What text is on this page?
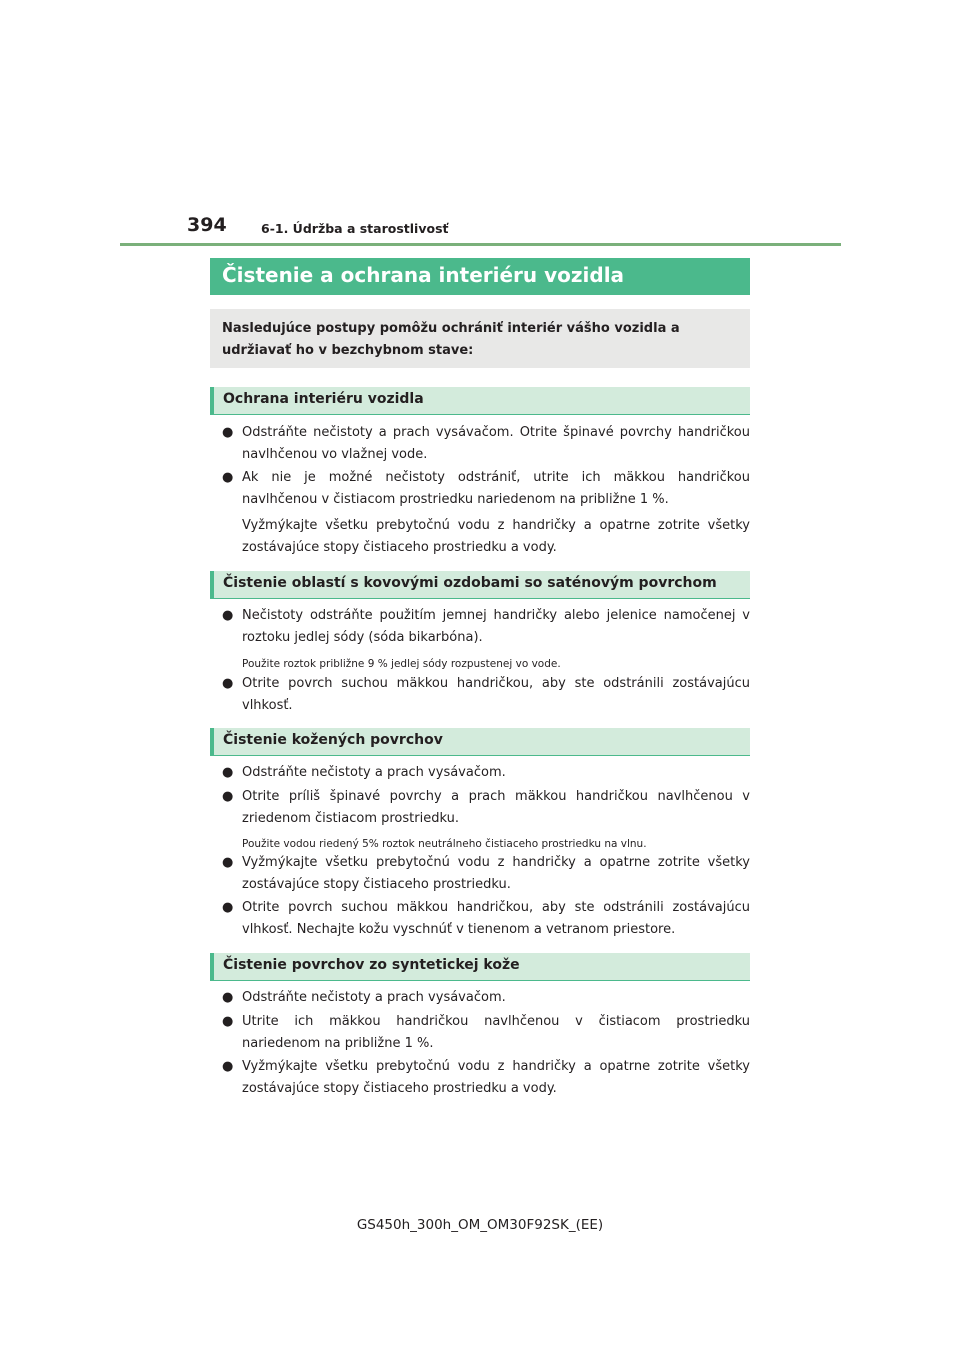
394	6-1. Údržba a starostlivosť
Čistenie a ochrana interiéru vozidla
Nasledujúce postupy pomôžu ochrániť interiér vášho vozidla a udržiavať ho v bezchybnom stave:
Ochrana interiéru vozidla
● Odstráňte nečistoty a prach vysávačom. Otrite špinavé povrchy handričkou navlhčenou vo vlažnej vode.
● Ak nie je možné nečistoty odstrániť, utrite ich mäkkou handričkou navlhčenou v čistiacom prostriedku nariedenom na približne 1 %.
Vyžmýkajte všetku prebytočnú vodu z handričky a opatrne zotrite všetky zostávajúce stopy čistiaceho prostriedku a vody.
Čistenie oblastí s kovovými ozdobami so saténovým povrchom
● Nečistoty odstráňte použitím jemnej handričky alebo jelenice namočenej v roztoku jedlej sódy (sóda bikarbóna).
Použite roztok približne 9 % jedlej sódy rozpustenej vo vode.
● Otrite povrch suchou mäkkou handričkou, aby ste odstránili zostávajúcu vlhkosť.
Čistenie kožených povrchov
● Odstráňte nečistoty a prach vysávačom.
● Otrite príliš špinavé povrchy a prach mäkkou handričkou navlhčenou v zriedenom čistiacom prostriedku.
Použite vodou riedený 5% roztok neutrálneho čistiaceho prostriedku na vlnu.
● Vyžmýkajte všetku prebytočnú vodu z handričky a opatrne zotrite všetky zostávajúce stopy čistiaceho prostriedku.
● Otrite povrch suchou mäkkou handričkou, aby ste odstránili zostávajúcu vlhkosť. Nechajte kožu vyschnúť v tienenom a vetranom priestore.
Čistenie povrchov zo syntetickej kože
● Odstráňte nečistoty a prach vysávačom.
● Utrite ich mäkkou handričkou navlhčenou v čistiacom prostriedku nariedenom na približne 1 %.
● Vyžmýkajte všetku prebytočnú vodu z handričky a opatrne zotrite všetky zostávajúce stopy čistiaceho prostriedku a vody.
GS450h_300h_OM_OM30F92SK_(EE)
